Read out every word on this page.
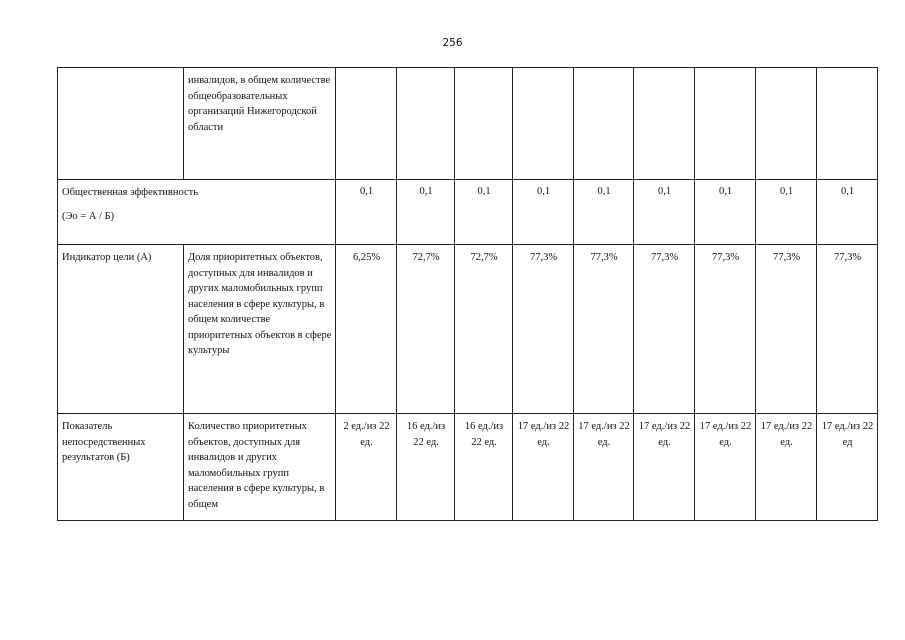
256
	инвалидов, в общем количестве общеобразовательных организаций Нижегородской области									
Общественная эффективность
(Эо = А / Б)		0,1	0,1	0,1	0,1	0,1	0,1	0,1	0,1	0,1
Индикатор цели (А)	Доля приоритетных объектов, доступных для инвалидов и других маломобильных групп населения в сфере культуры, в общем количестве приоритетных объектов в сфере культуры	6,25%	72,7%	72,7%	77,3%	77,3%	77,3%	77,3%	77,3%	77,3%
Показатель непосредственных результатов (Б)	Количество приоритетных объектов, доступных для инвалидов и других маломобильных групп населения в сфере культуры, в общем	2 ед./из 22 ед.	16 ед./из 22 ед.	16 ед./из 22 ед.	17 ед./из 22 ед.	17 ед./из 22 ед.	17 ед./из 22 ед.	17 ед./из 22 ед.	17 ед./из 22 ед.	17 ед./из 22 ед
